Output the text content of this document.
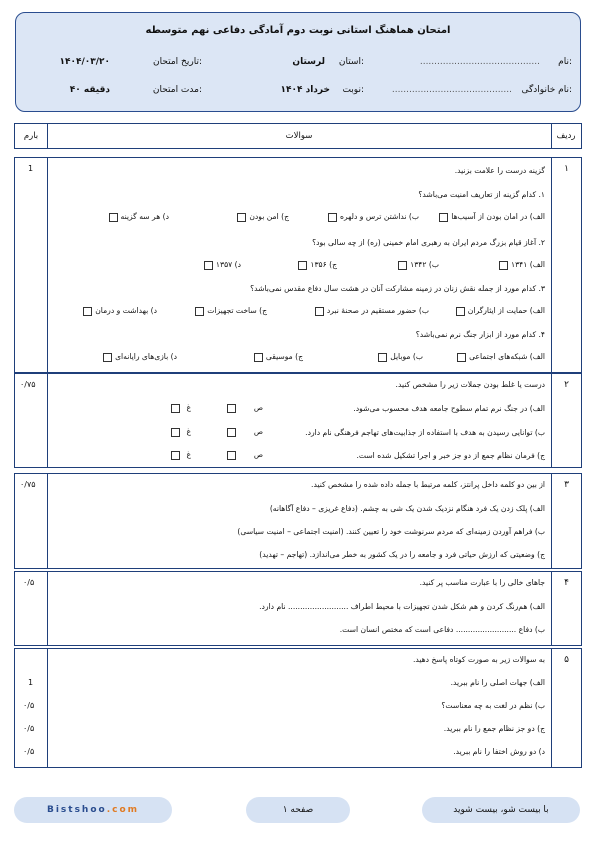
امتحان هماهنگ استانی نوبت دوم آمادگی دفاعی نهم متوسطه
نام:
..........................................
استان:
لرستان
تاریخ امتحان:
۱۴۰۴/۰۳/۲۰
نام خانوادگی:
..........................................
نوبت:
خرداد ۱۴۰۴
مدت امتحان:
۴۰ دقیقه
بارم	سوالات	ردیف
1	۱
گزینه درست را علامت بزنید.
۱. کدام گزینه از تعاریف امنیت می‌باشد؟
الف) در امان بودن از آسیب‌ها
ب) نداشتن ترس و دلهره
ج) امن بودن
د) هر سه گزینه
۲. آغاز قیام بزرگ مردم ایران به رهبری امام خمینی (ره) از چه سالی بود؟
الف) ۱۳۴۱
ب) ۱۳۴۲
ج) ۱۳۵۶
د) ۱۳۵۷
۳. کدام مورد از جمله نقش زنان در زمینه مشارکت آنان در هشت سال دفاع مقدس نمی‌باشد؟
الف) حمایت از ایثارگران
ب) حضور مستقیم در صحنهٔ نبرد
ج) ساخت تجهیزات
د) بهداشت و درمان
۴. کدام مورد از ابزار جنگ نرم نمی‌باشد؟
الف) شبکه‌های اجتماعی
ب) موبایل
ج) موسیقی
د) بازی‌های رایانه‌ای
۰/۷۵	۲
درست یا غلط بودن جملات زیر را مشخص کنید.
الف) در جنگ نرم تمام سطوح جامعه هدف محسوب می‌شود.
ص
غ
ب) توانایی رسیدن به هدف با استفاده از جذابیت‌های تهاجم فرهنگی نام دارد.
ص
غ
ج) فرمان نظام جمع از دو جز خبر و اجرا تشکیل شده است.
ص
غ
۰/۷۵	۳
از بین دو کلمه داخل پرانتز، کلمه مرتبط با جمله داده شده را مشخص کنید.
الف) پلک زدن یک فرد هنگام نزدیک شدن یک شی به چشم. (دفاع غریزی – دفاع آگاهانه)
ب) فراهم آوردن زمینه‌ای که مردم سرنوشت خود را تعیین کنند. (امنیت اجتماعی – امنیت سیاسی)
ج) وضعیتی که ارزش حیاتی فرد و جامعه را در یک کشور به خطر می‌اندازد. (تهاجم – تهدید)
۰/۵	۴
جاهای خالی را با عبارت مناسب پر کنید.
الف) هم‌رنگ کردن و هم شکل شدن تجهیزات با محیط اطراف ......................... نام دارد.
ب) دفاع ......................... دفاعی است که مختص انسان است.
۵
به سوالات زیر به صورت کوتاه پاسخ دهید.
1	الف) جهات اصلی را نام ببرید.
۰/۵	ب) نظم در لغت به چه معناست؟
۰/۵	ج) دو جز نظام جمع را نام ببرید.
۰/۵	د) دو روش اختفا را نام ببرید.
Bistshoo.com	صفحه ۱	با بیست شو، بیست شوید
